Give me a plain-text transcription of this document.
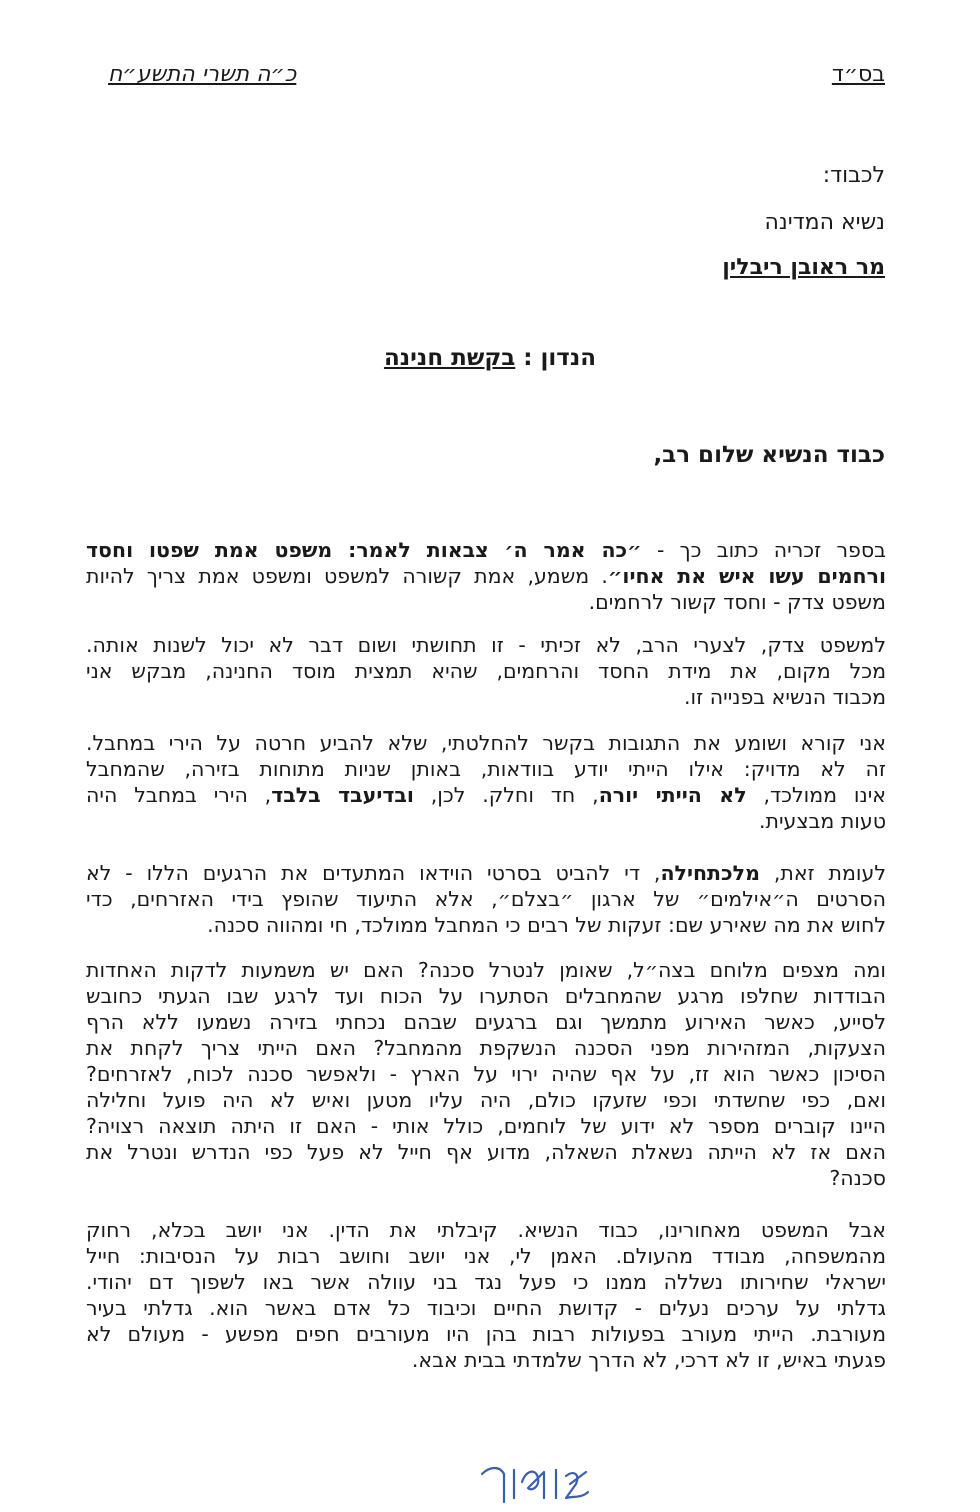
בס״ד
כ״ה תשרי התשע״ח
לכבוד:
נשיא המדינה
מר ראובן ריבלין
הנדון : בקשת חנינה
כבוד הנשיא שלום רב,
בספר זכריה כתוב כך - ״כה אמר ה׳ צבאות לאמר: משפט אמת שפטו וחסד
ורחמים עשו איש את אחיו״. משמע, אמת קשורה למשפט ומשפט אמת צריך להיות
משפט צדק - וחסד קשור לרחמים.
למשפט צדק, לצערי הרב, לא זכיתי - זו תחושתי ושום דבר לא יכול לשנות אותה.
מכל מקום, את מידת החסד והרחמים, שהיא תמצית מוסד החנינה, מבקש אני
מכבוד הנשיא בפנייה זו.
אני קורא ושומע את התגובות בקשר להחלטתי, שלא להביע חרטה על הירי במחבל.
זה לא מדויק: אילו הייתי יודע בוודאות, באותן שניות מתוחות בזירה, שהמחבל
אינו ממולכד, לא הייתי יורה, חד וחלק. לכן, ובדיעבד בלבד, הירי במחבל היה
טעות מבצעית.
לעומת זאת, מלכתחילה, די להביט בסרטי הוידאו המתעדים את הרגעים הללו - לא
הסרטים ה״אילמים״ של ארגון ״בצלם״, אלא התיעוד שהופץ בידי האזרחים, כדי
לחוש את מה שאירע שם: זעקות של רבים כי המחבל ממולכד, חי ומהווה סכנה.
ומה מצפים מלוחם בצה״ל, שאומן לנטרל סכנה? האם יש משמעות לדקות האחדות
הבודדות שחלפו מרגע שהמחבלים הסתערו על הכוח ועד לרגע שבו הגעתי כחובש
לסייע, כאשר האירוע מתמשך וגם ברגעים שבהם נכחתי בזירה נשמעו ללא הרף
הצעקות, המזהירות מפני הסכנה הנשקפת מהמחבל? האם הייתי צריך לקחת את
הסיכון כאשר הוא זז, על אף שהיה ירוי על הארץ - ולאפשר סכנה לכוח, לאזרחים?
ואם, כפי שחשדתי וכפי שזעקו כולם, היה עליו מטען ואיש לא היה פועל וחלילה
היינו קוברים מספר לא ידוע של לוחמים, כולל אותי - האם זו היתה תוצאה רצויה?
האם אז לא הייתה נשאלת השאלה, מדוע אף חייל לא פעל כפי הנדרש ונטרל את
סכנה?
אבל המשפט מאחורינו, כבוד הנשיא. קיבלתי את הדין. אני יושב בכלא, רחוק
מהמשפחה, מבודד מהעולם. האמן לי, אני יושב וחושב רבות על הנסיבות: חייל
ישראלי שחירותו נשללה ממנו כי פעל נגד בני עוולה אשר באו לשפוך דם יהודי.
גדלתי על ערכים נעלים - קדושת החיים וכיבוד כל אדם באשר הוא. גדלתי בעיר
מעורבת. הייתי מעורב בפעולות רבות בהן היו מעורבים חפים מפשע - מעולם לא
פגעתי באיש, זו לא דרכי, לא הדרך שלמדתי בבית אבא.
